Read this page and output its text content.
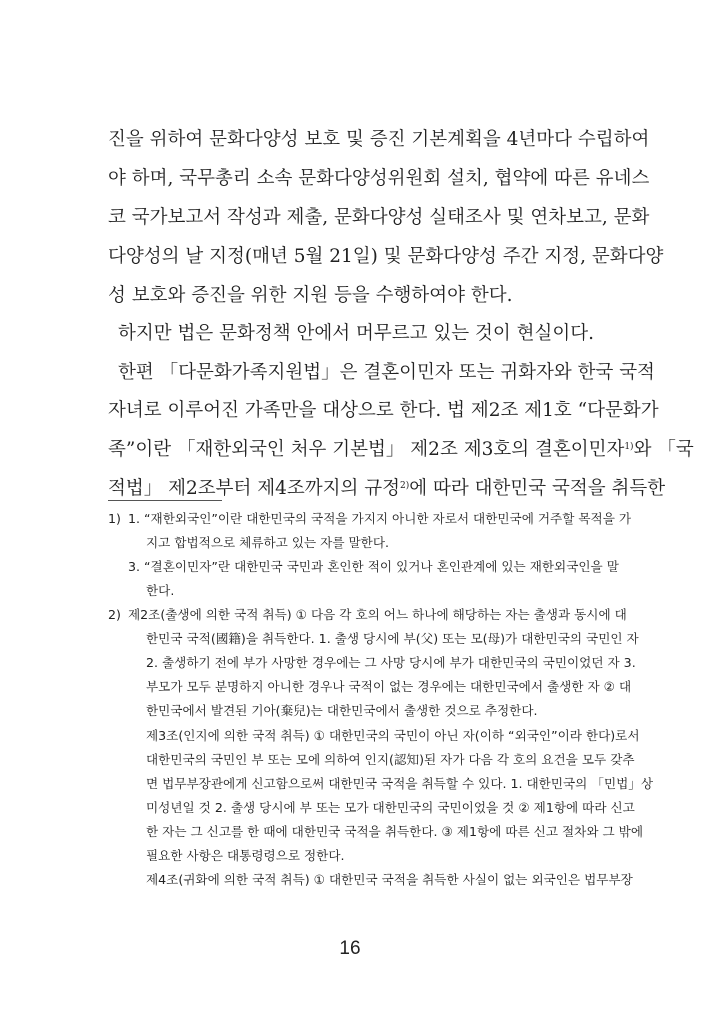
진을 위하여 문화다양성 보호 및 증진 기본계획을 4년마다 수립하여
야 하며, 국무총리 소속 문화다양성위원회 설치, 협약에 따른 유네스
코 국가보고서 작성과 제출, 문화다양성 실태조사 및 연차보고, 문화
다양성의 날 지정(매년 5월 21일) 및 문화다양성 주간 지정, 문화다양
성 보호와 증진을 위한 지원 등을 수행하여야 한다.
하지만 법은 문화정책 안에서 머무르고 있는 것이 현실이다.
한편 「다문화가족지원법」은 결혼이민자 또는 귀화자와 한국 국적
자녀로 이루어진 가족만을 대상으로 한다. 법 제2조 제1호 “다문화가
족”이란 「재한외국인 처우 기본법」 제2조 제3호의 결혼이민자$^{1)}$와 「국
적법」 제2조부터 제4조까지의 규정$^{2)}$에 따라 대한민국 국적을 취득한
1) 1. “재한외국인”이란 대한민국의 국적을 가지지 아니한 자로서 대한민국에 거주할 목적을 가
지고 합법적으로 체류하고 있는 자를 말한다.
3. “결혼이민자”란 대한민국 국민과 혼인한 적이 있거나 혼인관계에 있는 재한외국인을 말
한다.
2) 제2조(출생에 의한 국적 취득) ① 다음 각 호의 어느 하나에 해당하는 자는 출생과 동시에 대
한민국 국적(國籍)을 취득한다. 1. 출생 당시에 부(父) 또는 모(母)가 대한민국의 국민인 자
2. 출생하기 전에 부가 사망한 경우에는 그 사망 당시에 부가 대한민국의 국민이었던 자 3.
부모가 모두 분명하지 아니한 경우나 국적이 없는 경우에는 대한민국에서 출생한 자 ② 대
한민국에서 발견된 기아(棄兒)는 대한민국에서 출생한 것으로 추정한다.
제3조(인지에 의한 국적 취득) ① 대한민국의 국민이 아닌 자(이하 “외국인”이라 한다)로서
대한민국의 국민인 부 또는 모에 의하여 인지(認知)된 자가 다음 각 호의 요건을 모두 갖추
면 법무부장관에게 신고함으로써 대한민국 국적을 취득할 수 있다. 1. 대한민국의 「민법」상
미성년일 것 2. 출생 당시에 부 또는 모가 대한민국의 국민이었을 것 ② 제1항에 따라 신고
한 자는 그 신고를 한 때에 대한민국 국적을 취득한다. ③ 제1항에 따른 신고 절차와 그 밖에
필요한 사항은 대통령령으로 정한다.
제4조(귀화에 의한 국적 취득) ① 대한민국 국적을 취득한 사실이 없는 외국인은 법무부장
16
